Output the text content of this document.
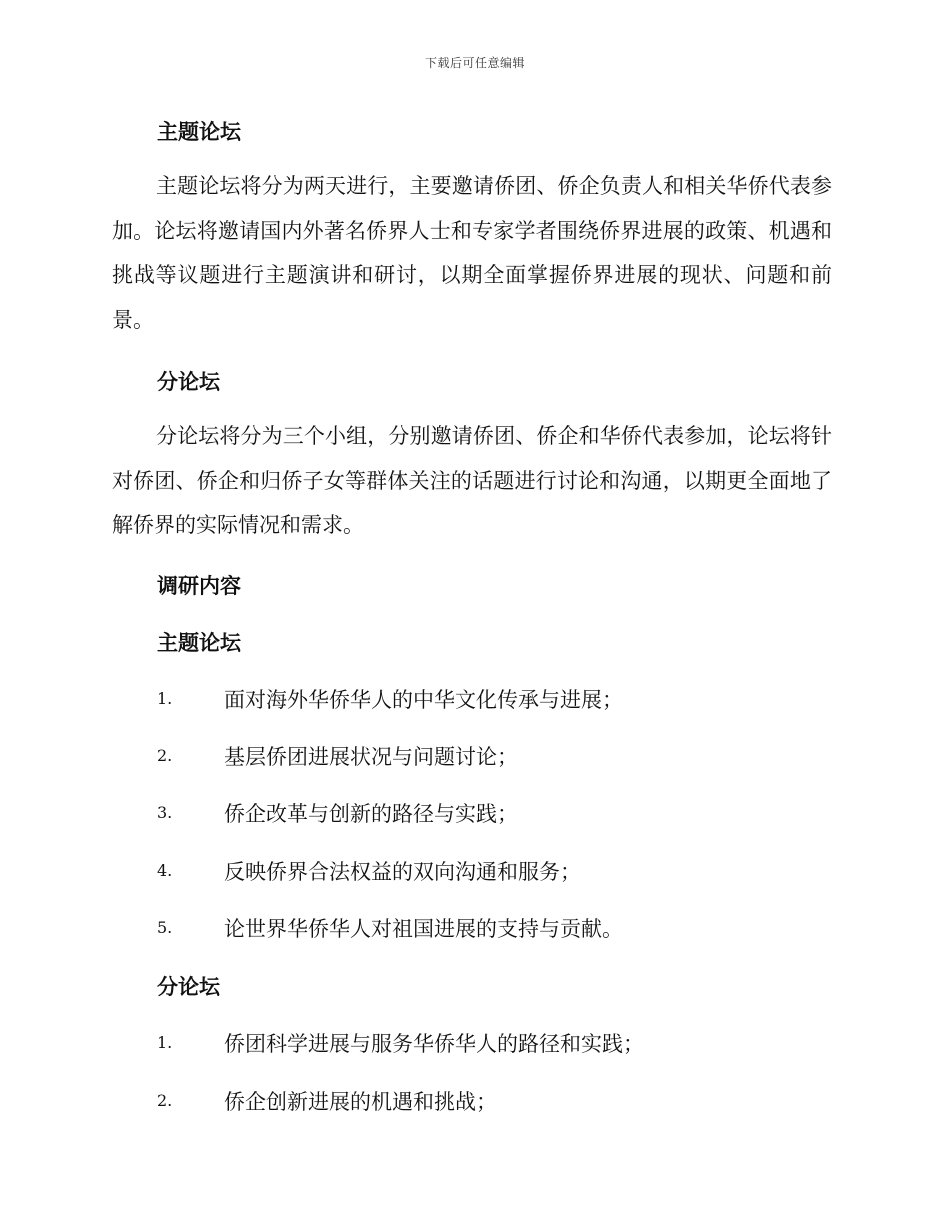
下载后可任意编辑
主题论坛

主题论坛将分为两天进行，主要邀请侨团、侨企负责人和相关华侨代表参加。论坛将邀请国内外著名侨界人士和专家学者围绕侨界进展的政策、机遇和挑战等议题进行主题演讲和研讨，以期全面掌握侨界进展的现状、问题和前景。

分论坛

分论坛将分为三个小组，分别邀请侨团、侨企和华侨代表参加，论坛将针对侨团、侨企和归侨子女等群体关注的话题进行讨论和沟通，以期更全面地了解侨界的实际情况和需求。

调研内容
主题论坛
1. 面对海外华侨华人的中华文化传承与进展；
2. 基层侨团进展状况与问题讨论；
3. 侨企改革与创新的路径与实践；
4. 反映侨界合法权益的双向沟通和服务；
5. 论世界华侨华人对祖国进展的支持与贡献。
分论坛
1. 侨团科学进展与服务华侨华人的路径和实践；
2. 侨企创新进展的机遇和挑战；
